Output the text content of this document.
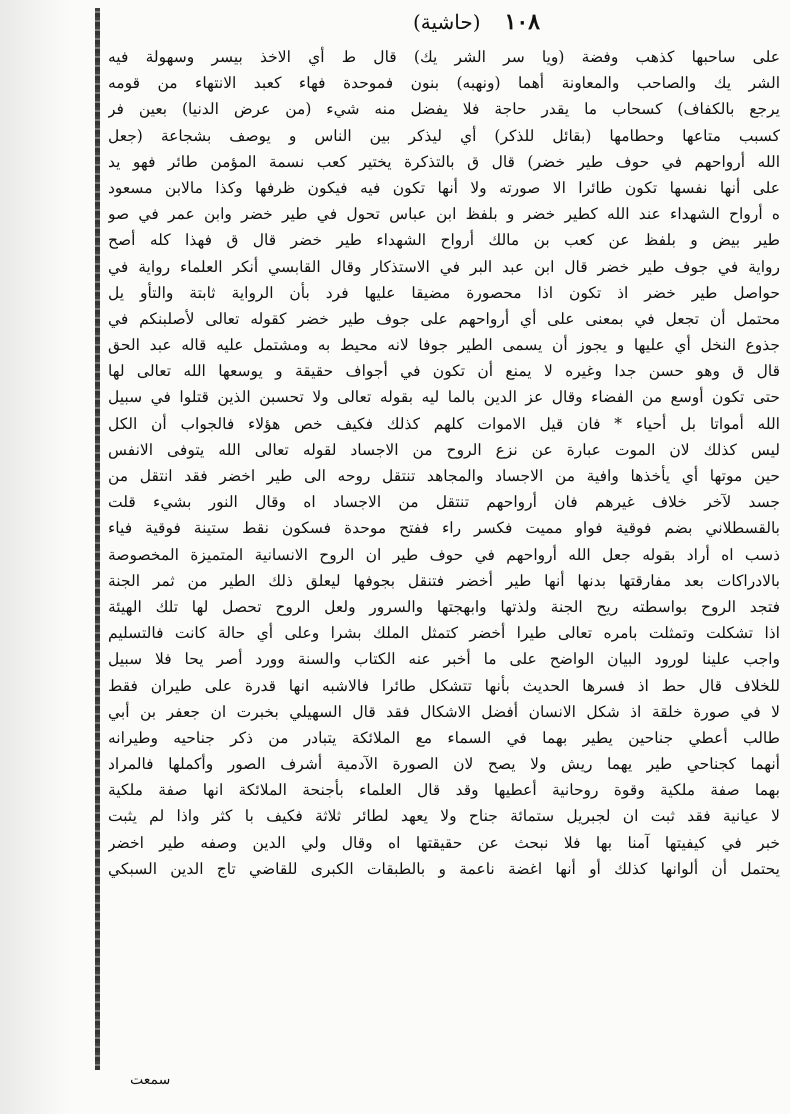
١٠٨
(حاشية)
على ساحبها كذهب وفضة (ويا سر الشر يك) قال ط أي الاخذ بيسر وسهولة فيه
الشر يك والصاحب والمعاونة أهما (ونهبه) بنون فموحدة فهاء كعبد الانتهاء من قومه
يرجع بالكفاف) كسحاب ما يقدر حاجة فلا يفضل منه شيء (من عرض الدنيا) بعين فر
كسبب متاعها وحطامها (بقائل للذكر) أي ليذكر بين الناس و يوصف بشجاعة (جعل
الله أرواحهم في حوف طير خضر) قال ق بالتذكرة يختير كعب نسمة المؤمن طائر فهو يد
على أنها نفسها تكون طائرا الا صورته ولا أنها تكون فيه فيكون ظرفها وكذا مالابن مسعود
ه أرواح الشهداء عند الله كطير خضر و بلفظ ابن عباس تحول في طير خضر وابن عمر في صو
طير بيض و بلفظ عن كعب بن مالك أرواح الشهداء طير خضر قال ق فهذا كله أصح
رواية في جوف طير خضر قال ابن عبد البر في الاستذكار وقال القابسي أنكر العلماء رواية في
حواصل طير خضر اذ تكون اذا محصورة مضيقا عليها فرد بأن الرواية ثابتة والتأو يل
محتمل أن تجعل في بمعنى على أي أرواحهم على جوف طير خضر كقوله تعالى لأصلبنكم في
جذوع النخل أي عليها و يجوز أن يسمى الطير جوفا لانه محيط به ومشتمل عليه قاله عبد الحق
قال ق وهو حسن جدا وغيره لا يمنع أن تكون في أجواف حقيقة و يوسعها الله تعالى لها
حتى تكون أوسع من الفضاء وقال عز الدين بالما ليه بقوله تعالى ولا تحسبن الذين قتلوا في سبيل
الله أمواتا بل أحياء * فان قيل الاموات كلهم كذلك فكيف خص هؤلاء فالجواب أن الكل
ليس كذلك لان الموت عبارة عن نزع الروح من الاجساد لقوله تعالى الله يتوفى الانفس
حين موتها أي يأخذها وافية من الاجساد والمجاهد تنتقل روحه الى طير اخضر فقد انتقل من
جسد لآخر خلاف غيرهم فان أرواحهم تنتقل من الاجساد اه وقال النور بشيء قلت
بالقسطلاني بضم فوقية فواو مميت فكسر راء ففتح موحدة فسكون نقط ستينة فوقية فياء
ذسب اه أراد بقوله جعل الله أرواحهم في حوف طير ان الروح الانسانية المتميزة المخصوصة
بالادراكات بعد مفارقتها بدنها أنها طير أخضر فتنقل بجوفها ليعلق ذلك الطير من ثمر الجنة
فتجد الروح بواسطته ريح الجنة ولذتها وابهجتها والسرور ولعل الروح تحصل لها تلك الهيئة
اذا تشكلت وتمثلت بامره تعالى طيرا أخضر كتمثل الملك بشرا وعلى أي حالة كانت فالتسليم
واجب علينا لورود البيان الواضح على ما أخبر عنه الكتاب والسنة وورد أصر يحا فلا سبيل
للخلاف قال حط اذ فسرها الحديث بأنها تتشكل طائرا فالاشبه انها قدرة على طيران فقط
لا في صورة خلقة اذ شكل الانسان أفضل الاشكال فقد قال السهيلي بخبرت ان جعفر بن أبي
طالب أعطي جناحين يطير بهما في السماء مع الملائكة يتبادر من ذكر جناحيه وطيرانه
أنهما كجناحي طير يهما ريش ولا يصح لان الصورة الآدمية أشرف الصور وأكملها فالمراد
بهما صفة ملكية وقوة روحانية أعطيها وقد قال العلماء بأجنحة الملائكة انها صفة ملكية
لا عيانية فقد ثبت ان لجبريل ستمائة جناح ولا يعهد لطائر ثلاثة فكيف با كثر واذا لم يثبت
خبر في كيفيتها آمنا بها فلا نبحث عن حقيقتها اه وقال ولي الدين وصفه طير اخضر
يحتمل أن ألوانها كذلك أو أنها اغضة ناعمة و بالطبقات الكبرى للقاضي تاج الدين السبكي
سمعت
